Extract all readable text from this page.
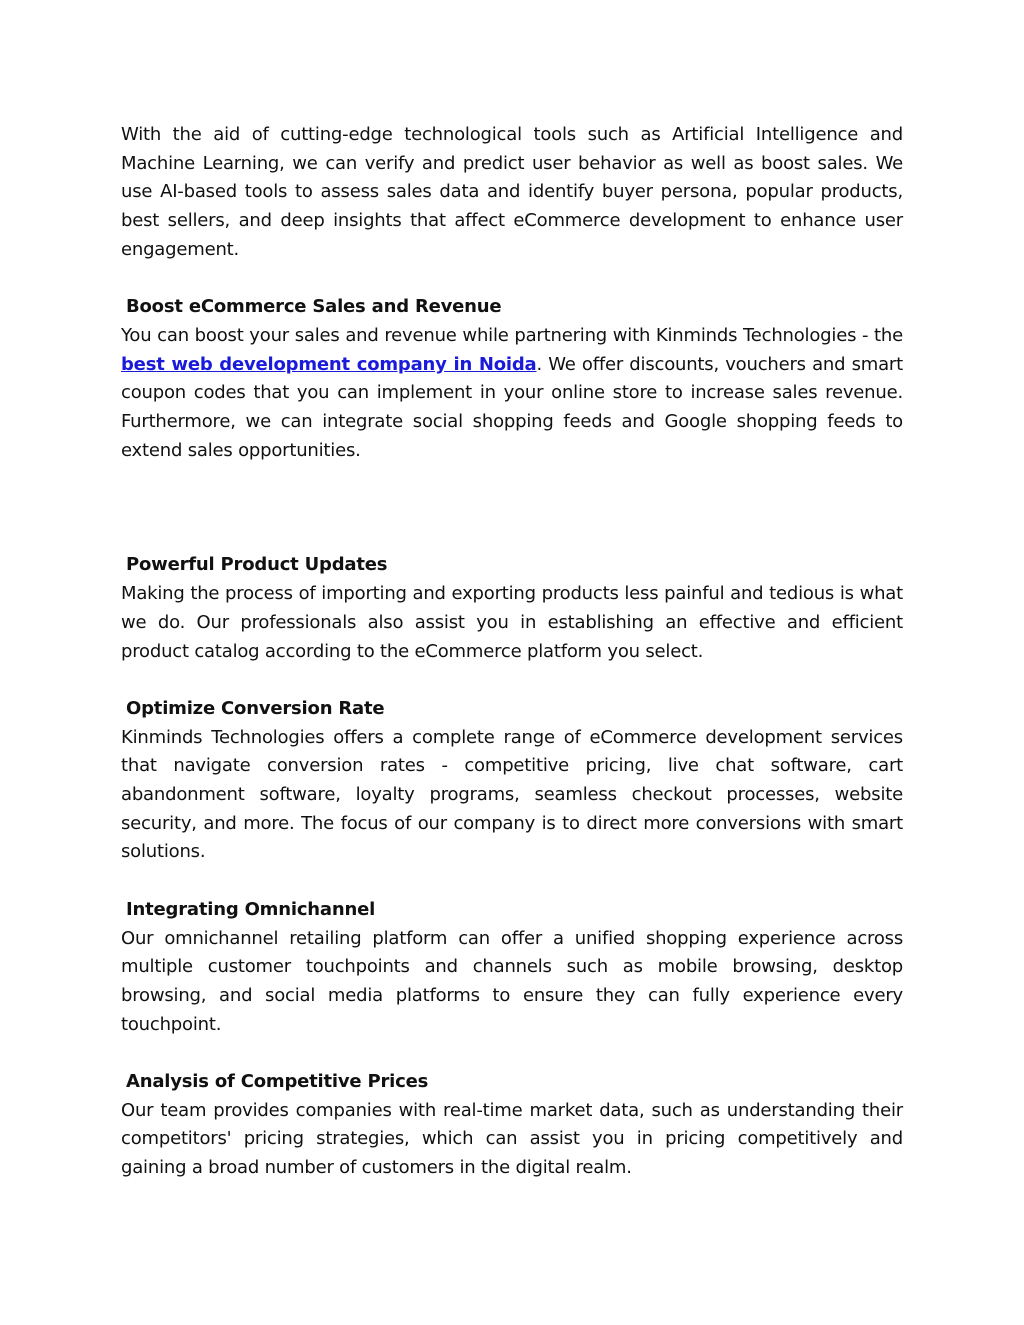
With the aid of cutting-edge technological tools such as Artificial Intelligence and Machine Learning, we can verify and predict user behavior as well as boost sales. We use AI-based tools to assess sales data and identify buyer persona, popular products, best sellers, and deep insights that affect eCommerce development to enhance user engagement.

Boost eCommerce Sales and Revenue

You can boost your sales and revenue while partnering with Kinminds Technologies - the best web development company in Noida. We offer discounts, vouchers and smart coupon codes that you can implement in your online store to increase sales revenue. Furthermore, we can integrate social shopping feeds and Google shopping feeds to extend sales opportunities.

Powerful Product Updates

Making the process of importing and exporting products less painful and tedious is what we do. Our professionals also assist you in establishing an effective and efficient product catalog according to the eCommerce platform you select.

Optimize Conversion Rate

Kinminds Technologies offers a complete range of eCommerce development services that navigate conversion rates - competitive pricing, live chat software, cart abandonment software, loyalty programs, seamless checkout processes, website security, and more. The focus of our company is to direct more conversions with smart solutions.

Integrating Omnichannel

Our omnichannel retailing platform can offer a unified shopping experience across multiple customer touchpoints and channels such as mobile browsing, desktop browsing, and social media platforms to ensure they can fully experience every touchpoint.

Analysis of Competitive Prices

Our team provides companies with real-time market data, such as understanding their competitors' pricing strategies, which can assist you in pricing competitively and gaining a broad number of customers in the digital realm.
